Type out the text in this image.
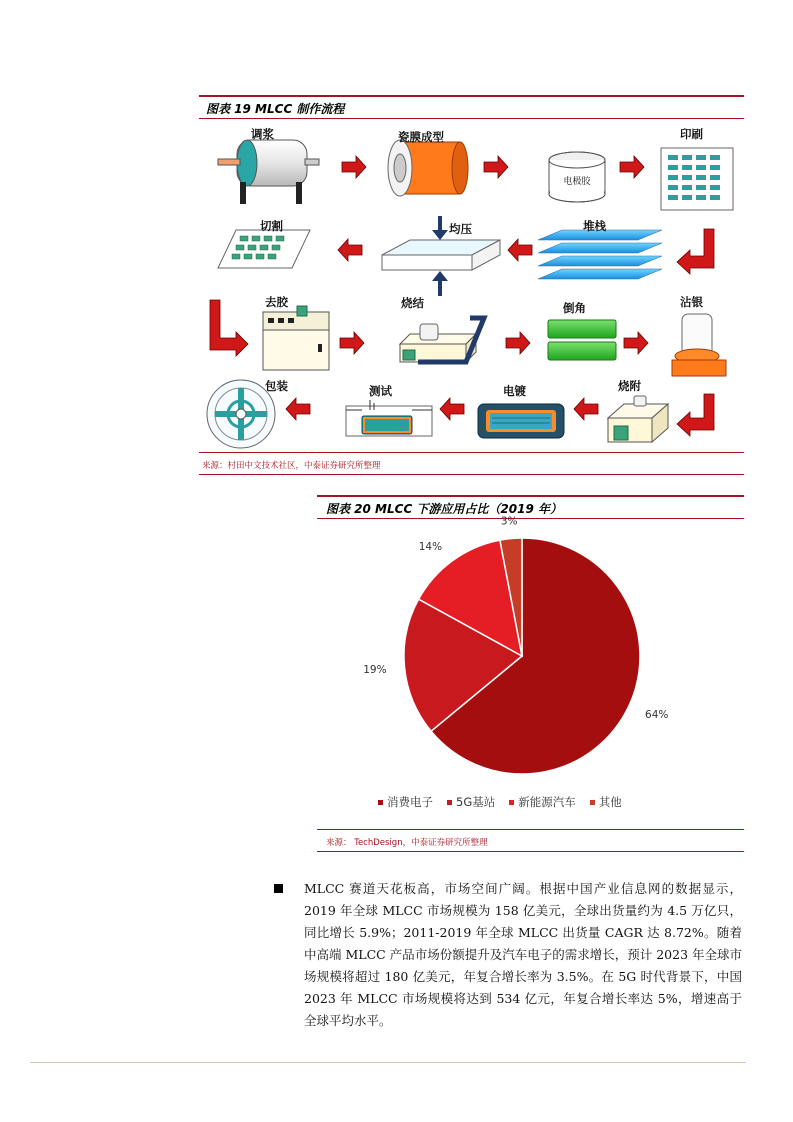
图表 19 MLCC 制作流程
电极胶
调浆	瓷膜成型	印刷
切割	均压	堆栈
去胶	烧结	倒角	沾银
包装	测试	电镀	烧附
来源：村田中文技术社区，中泰证券研究所整理
图表 20 MLCC 下游应用占比（2019 年）
64%
19%
14%
3%
消费电子 5G基站 新能源汽车 其他
来源： TechDesign，中泰证券研究所整理
MLCC 赛道天花板高，市场空间广阔。根据中国产业信息网的数据显示，2019 年全球 MLCC 市场规模为 158 亿美元，全球出货量约为 4.5 万亿只，同比增长 5.9%；2011-2019 年全球 MLCC 出货量 CAGR 达 8.72%。随着中高端 MLCC 产品市场份额提升及汽车电子的需求增长，预计 2023 年全球市场规模将超过 180 亿美元，年复合增长率为 3.5%。在 5G 时代背景下，中国 2023 年 MLCC 市场规模将达到 534 亿元，年复合增长率达 5%，增速高于全球平均水平。
